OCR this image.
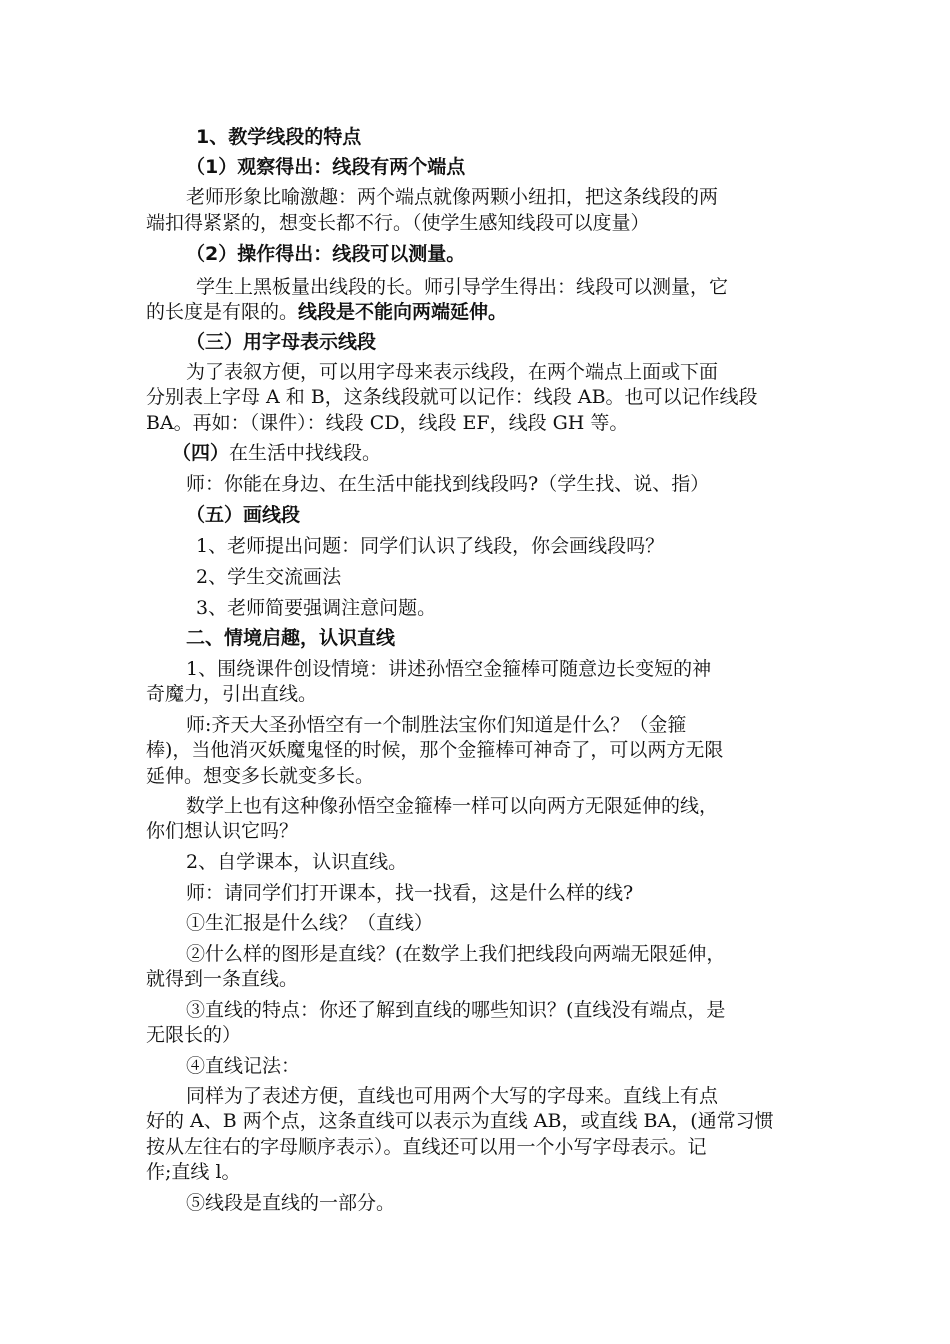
1、教学线段的特点
（1）观察得出：线段有两个端点
老师形象比喻激趣：两个端点就像两颗小纽扣，把这条线段的两
端扣得紧紧的，想变长都不行。（使学生感知线段可以度量）
（2）操作得出：线段可以测量。
学生上黑板量出线段的长。师引导学生得出：线段可以测量，它
的长度是有限的。线段是不能向两端延伸。
（三）用字母表示线段
为了表叙方便，可以用字母来表示线段，在两个端点上面或下面
分别表上字母 A 和 B，这条线段就可以记作：线段 AB。也可以记作线段
BA。再如：（课件）：线段 CD，线段 EF，线段 GH 等。
（四）在生活中找线段。
师：你能在身边、在生活中能找到线段吗?（学生找、说、指）
（五）画线段
1、老师提出问题：同学们认识了线段，你会画线段吗？
2、学生交流画法
3、老师简要强调注意问题。
二、情境启趣，认识直线
1、围绕课件创设情境：讲述孙悟空金箍棒可随意边长变短的神
奇魔力，引出直线。
师:齐天大圣孙悟空有一个制胜法宝你们知道是什么？（金箍
棒)，当他消灭妖魔鬼怪的时候，那个金箍棒可神奇了，可以两方无限
延伸。想变多长就变多长。
数学上也有这种像孙悟空金箍棒一样可以向两方无限延伸的线，
你们想认识它吗？
2、自学课本，认识直线。
师：请同学们打开课本，找一找看，这是什么样的线?
①生汇报是什么线？（直线）
②什么样的图形是直线？(在数学上我们把线段向两端无限延伸，
就得到一条直线。
③直线的特点：你还了解到直线的哪些知识？(直线没有端点，是
无限长的）
④直线记法：
同样为了表述方便，直线也可用两个大写的字母来。直线上有点
好的 A、B 两个点，这条直线可以表示为直线 AB，或直线 BA，(通常习惯
按从左往右的字母顺序表示）。直线还可以用一个小写字母表示。记
作;直线 l。
⑤线段是直线的一部分。
